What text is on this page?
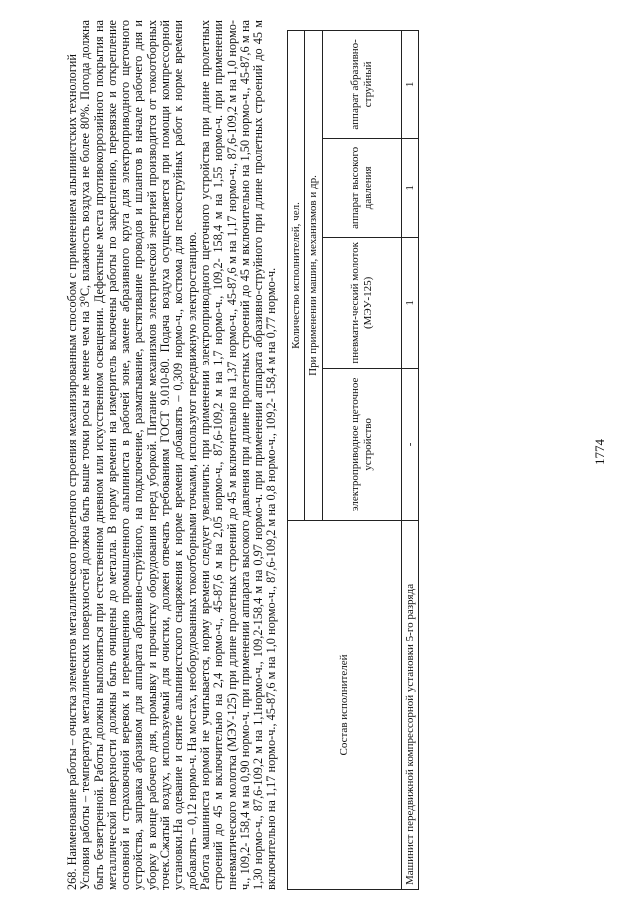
1774

268. Наименование работы – очистка элементов металлического пролетного строения механизированным способом с применением альпинистских технологий Условия работы – температура металлических поверхностей должна быть выше точки росы не менее чем на 3⁰С, влажность воздуха не более 80%. Погода должна быть безветренной. Работы должны выполняться при естественном дневном или искусственном освещении. Дефектные места противокоррозийного покрытия на металлической поверхности должны быть очищены до металла. В норму времени на измеритель включены работы по закреплению, перевязке и открепление основной и страховочной веревок и перемещению промышленного альпиниста в рабочей зоне, замене абразивного круга для электроприводного щеточного устройства, заправка абразивом для аппарата абразивно-струйного, на подключение, разматывание, растягивание проводов и шлангов в начале рабочего дня и уборку в конце рабочего дня, промывку и прочистку оборудования перед уборкой. Питание механизмов электрической энергией производится от токоотборных точек.Сжатый воздух, используемый для очистки, должен отвечать требованиям ГОСТ 9.010-80. Подача воздуха осуществляется при помощи компрессорной установки.На одевание и снятие альпинистского снаряжения к норме времени добавлять – 0,309 нормо-ч., костюма для пескоструйных работ к норме времени добавлять – 0,12 нормо-ч. На мостах, необорудованных токоотборными точками, используют передвижную электростанцию. Работа машиниста нормой не учитывается, норму времени следует увеличить: при применении электроприводного щеточного устройства при длине пролетных строений до 45 м включительно на 2,4 нормо-ч., 45-87,6 м на 2,05 нормо-ч., 87,6-109,2 м на 1,7 нормо-ч., 109,2- 158,4 м на 1,55 нормо-ч. при применении пневматического молотка (МЭУ-125) при длине пролетных строений до 45 м включительно на 1,37 нормо-ч., 45-87,6 м на 1,17 нормо-ч., 87,6-109,2 м на 1,0 нормо-ч., 109,2- 158,4 м на 0,90 нормо-ч. при применении аппарата высокого давления при длине пролетных строений до 45 м включительно на 1,50 нормо-ч., 45-87,6 м на 1,30 нормо-ч., 87,6-109,2 м на 1,1нормо-ч., 109,2-158,4 м на 0,97 нормо-ч. при применении аппарата абразивно-струйного при длине пролетных строений до 45 м включительно на 1,17 нормо-ч., 45-87,6 м на 1,0 нормо-ч., 87,6-109,2 м на 0,8 нормо-ч., 109,2- 158,4 м на 0,77 нормо-ч.	Состав исполнителей	Количество исполнителей, чел.			
	При применении машин, механизмов и др.			
	электроприводное щеточное устройство	пневмати-ческий молоток (МЭУ-125)	аппарат высокого давления	аппарат абразивно-струйный
Машинист передвижной компрессорной установки 5-го разряда	-	1	1	1
